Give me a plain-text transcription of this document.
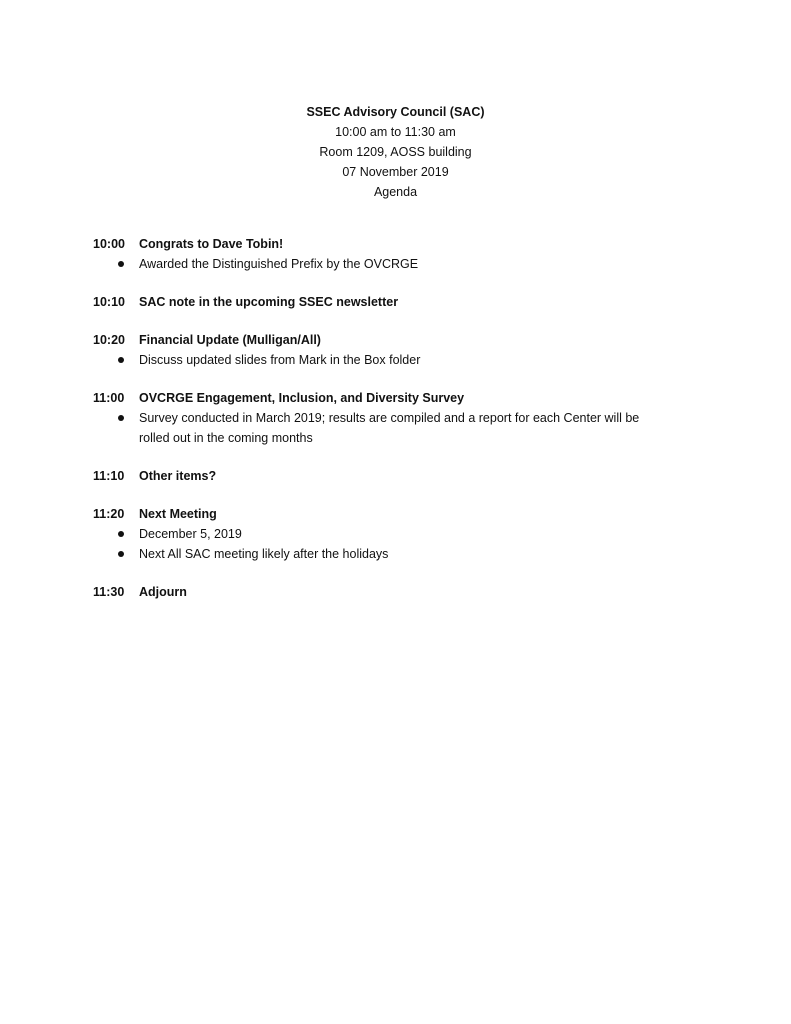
SSEC Advisory Council (SAC)
10:00 am to 11:30 am
Room 1209, AOSS building
07 November 2019
Agenda
10:00	Congrats to Dave Tobin!
Awarded the Distinguished Prefix by the OVCRGE
10:10	SAC note in the upcoming SSEC newsletter
10:20	Financial Update (Mulligan/All)
Discuss updated slides from Mark in the Box folder
11:00	OVCRGE Engagement, Inclusion, and Diversity Survey
Survey conducted in March 2019; results are compiled and a report for each Center will be rolled out in the coming months
11:10	Other items?
11:20	Next Meeting
December 5, 2019
Next All SAC meeting likely after the holidays
11:30	Adjourn
